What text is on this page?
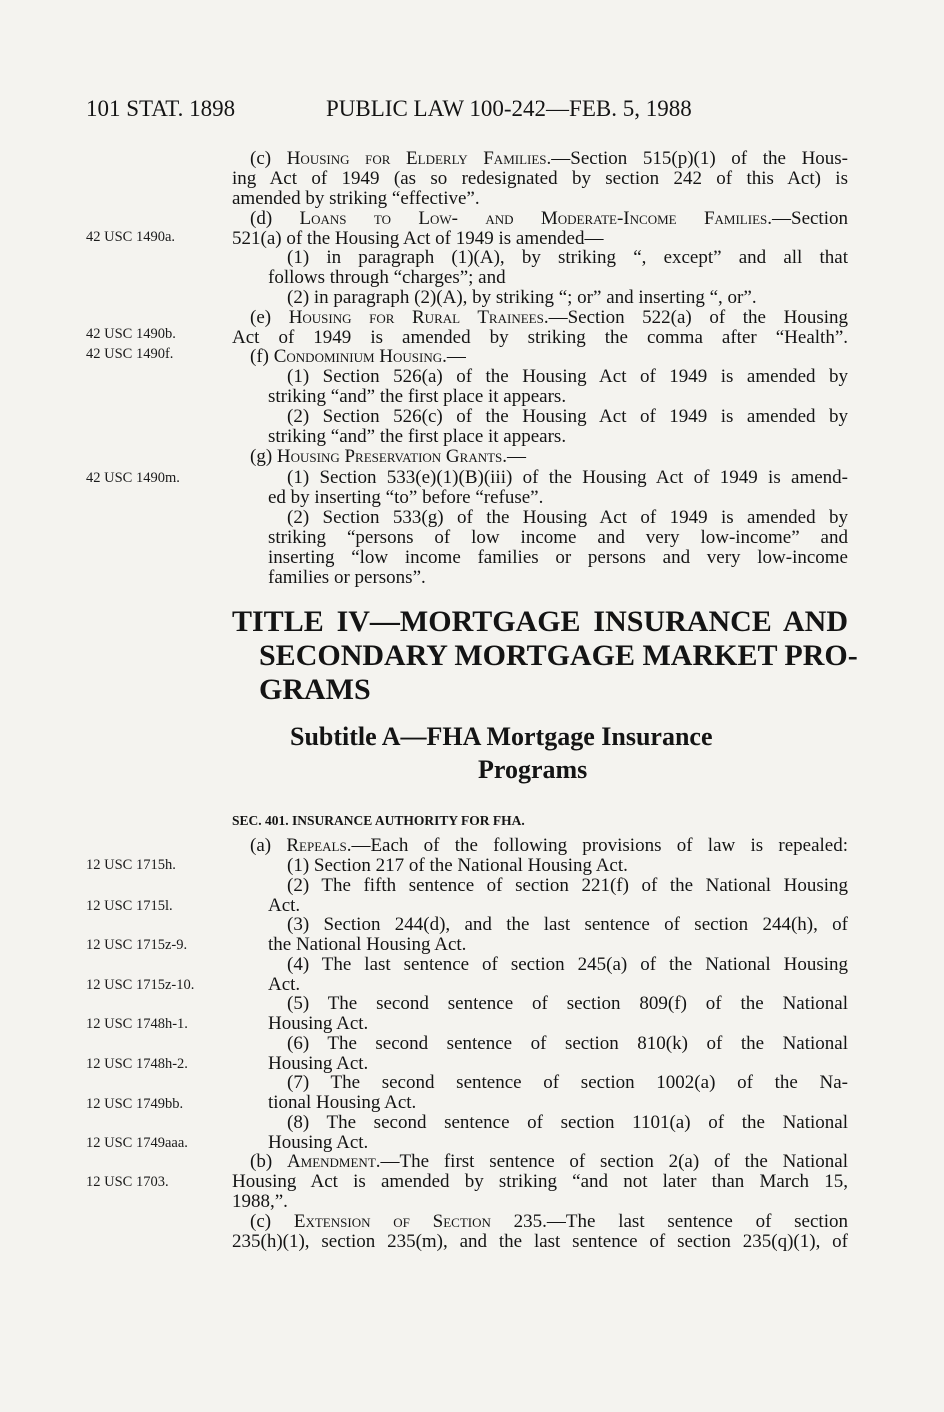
101 STAT. 1898	PUBLIC LAW 100-242—FEB. 5, 1988
42 USC 1490a.
42 USC 1490b.
42 USC 1490f.
42 USC 1490m.
12 USC 1715h.
12 USC 1715l.
12 USC 1715z-9.
12 USC 1715z-10.
12 USC 1748h-1.
12 USC 1748h-2.
12 USC 1749bb.
12 USC 1749aaa.
12 USC 1703.
(c) Housing for Elderly Families.—Section 515(p)(1) of the Hous-
ing Act of 1949 (as so redesignated by section 242 of this Act) is
amended by striking “effective”.
(d) Loans to Low- and Moderate-Income Families.—Section
521(a) of the Housing Act of 1949 is amended—
(1) in paragraph (1)(A), by striking “, except” and all that
follows through “charges”; and
(2) in paragraph (2)(A), by striking “; or” and inserting “, or”.
(e) Housing for Rural Trainees.—Section 522(a) of the Housing
Act of 1949 is amended by striking the comma after “Health”.
(f) Condominium Housing.—
(1) Section 526(a) of the Housing Act of 1949 is amended by
striking “and” the first place it appears.
(2) Section 526(c) of the Housing Act of 1949 is amended by
striking “and” the first place it appears.
(g) Housing Preservation Grants.—
(1) Section 533(e)(1)(B)(iii) of the Housing Act of 1949 is amend-
ed by inserting “to” before “refuse”.
(2) Section 533(g) of the Housing Act of 1949 is amended by
striking “persons of low income and very low-income” and
inserting “low income families or persons and very low-income
families or persons”.
TITLE IV—MORTGAGE INSURANCE AND
SECONDARY MORTGAGE MARKET PRO-
GRAMS
Subtitle A—FHA Mortgage Insurance
Programs
SEC. 401. INSURANCE AUTHORITY FOR FHA.
(a) Repeals.—Each of the following provisions of law is repealed:
(1) Section 217 of the National Housing Act.
(2) The fifth sentence of section 221(f) of the National Housing
Act.
(3) Section 244(d), and the last sentence of section 244(h), of
the National Housing Act.
(4) The last sentence of section 245(a) of the National Housing
Act.
(5) The second sentence of section 809(f) of the National
Housing Act.
(6) The second sentence of section 810(k) of the National
Housing Act.
(7) The second sentence of section 1002(a) of the Na-
tional Housing Act.
(8) The second sentence of section 1101(a) of the National
Housing Act.
(b) Amendment.—The first sentence of section 2(a) of the National
Housing Act is amended by striking “and not later than March 15,
1988,”.
(c) Extension of Section 235.—The last sentence of section
235(h)(1), section 235(m), and the last sentence of section 235(q)(1), of
